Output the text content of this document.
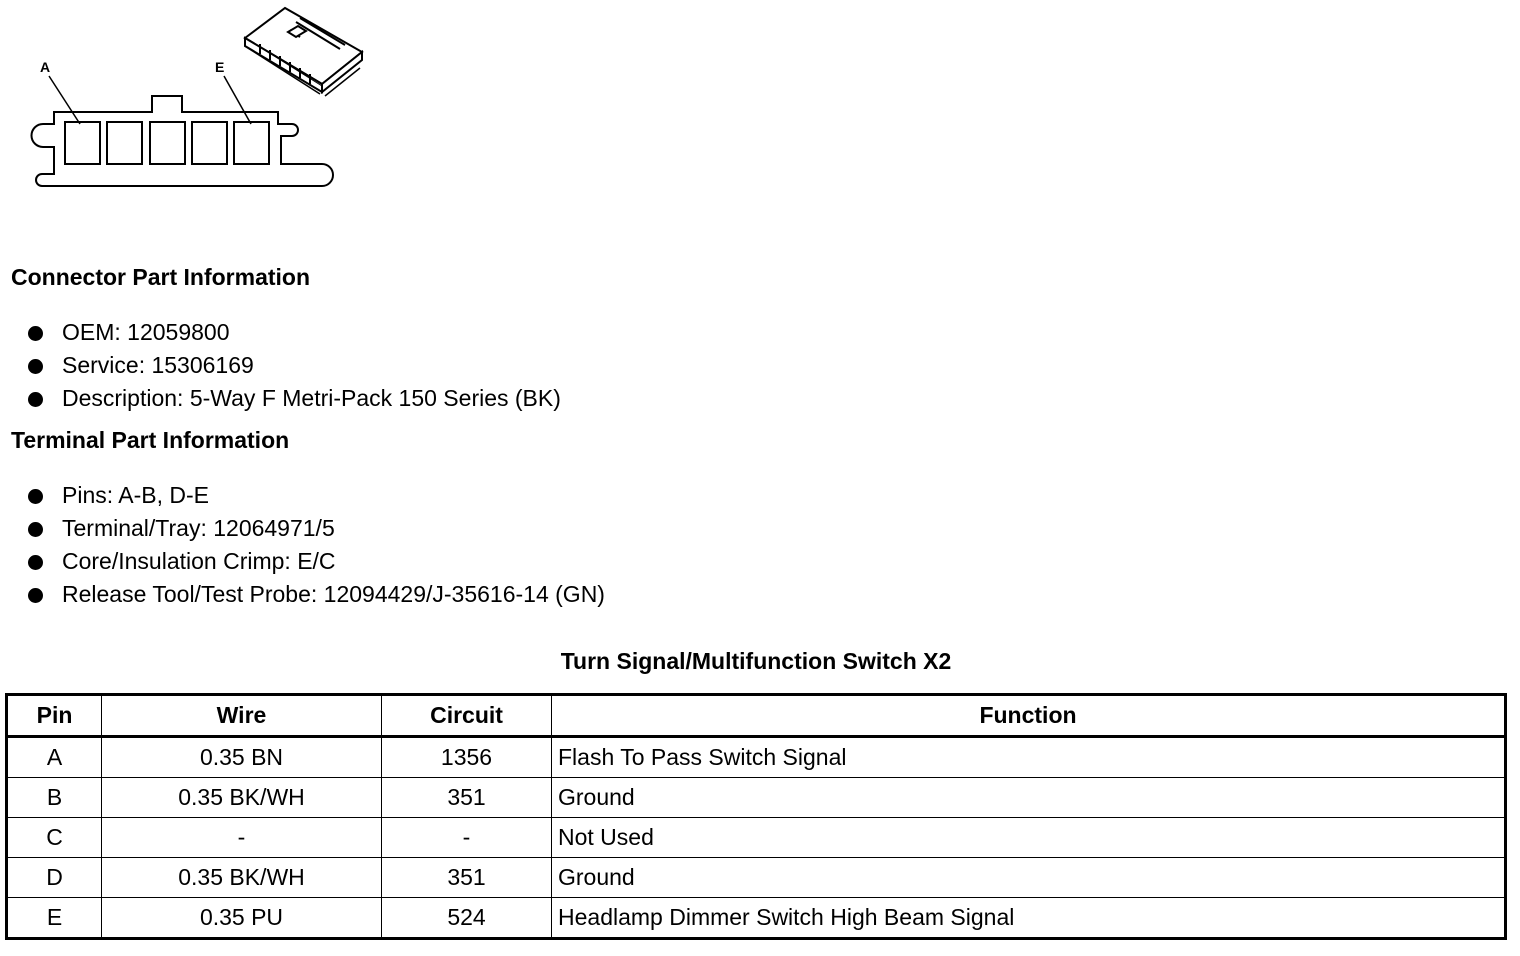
A	E
Connector Part Information
OEM: 12059800
Service: 15306169
Description: 5-Way F Metri-Pack 150 Series (BK)
Terminal Part Information
Pins: A-B, D-E
Terminal/Tray: 12064971/5
Core/Insulation Crimp: E/C
Release Tool/Test Probe: 12094429/J-35616-14 (GN)
Turn Signal/Multifunction Switch X2
Pin	Wire	Circuit	Function
A	0.35 BN	1356	Flash To Pass Switch Signal
B	0.35 BK/WH	351	Ground
C	-	-	Not Used
D	0.35 BK/WH	351	Ground
E	0.35 PU	524	Headlamp Dimmer Switch High Beam Signal
